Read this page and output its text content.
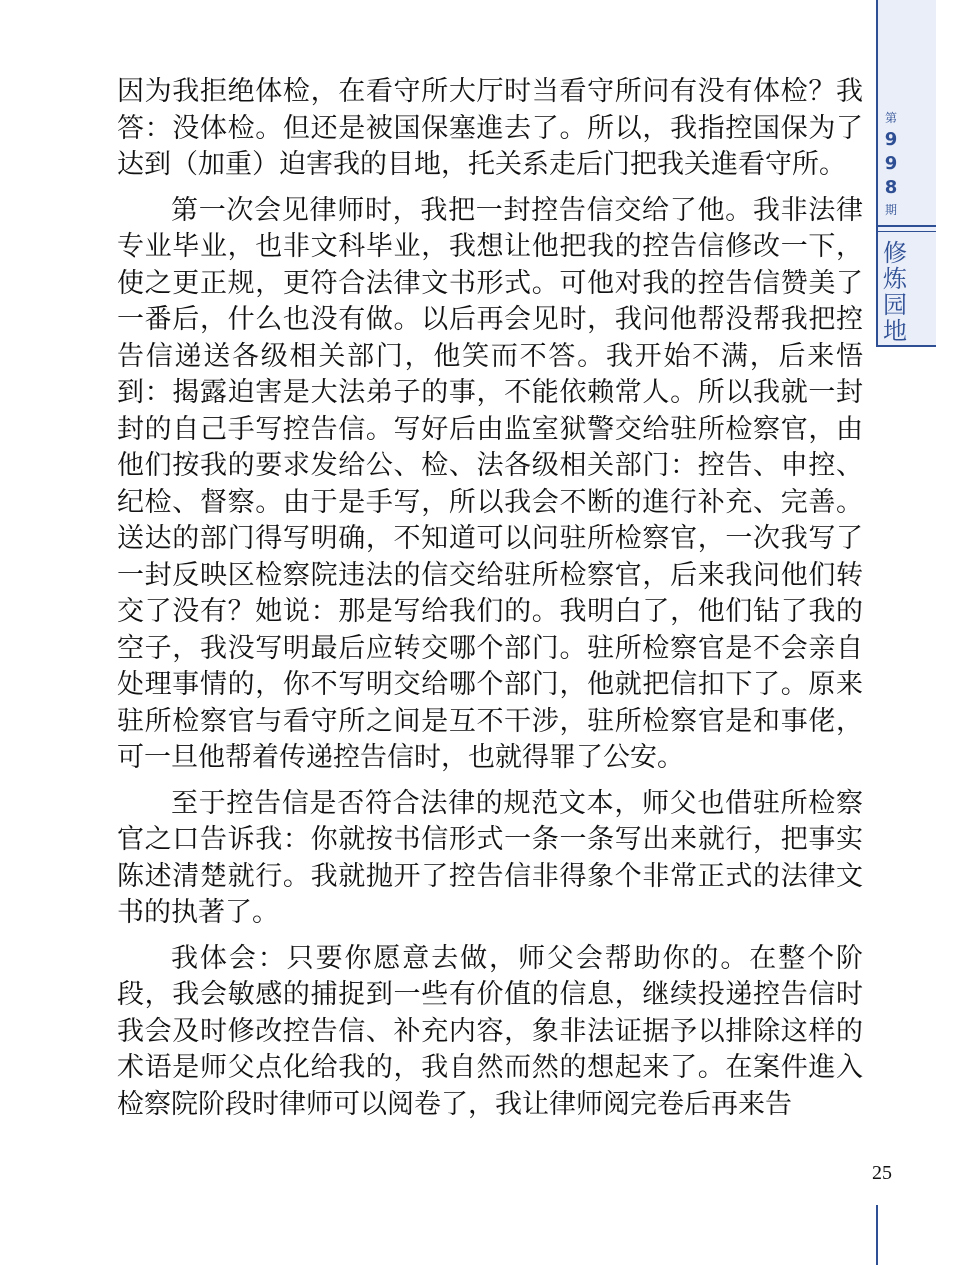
第
9
9
8
期
修
炼
园
地

因为我拒绝体检，在看守所大厅时当看守所问有没有体检？我答：没体检。但还是被国保塞進去了。所以，我指控国保为了达到（加重）迫害我的目地，托关系走后门把我关進看守所。

第一次会见律师时，我把一封控告信交给了他。我非法律专业毕业，也非文科毕业，我想让他把我的控告信修改一下，使之更正规，更符合法律文书形式。可他对我的控告信赞美了一番后，什么也没有做。以后再会见时，我问他帮没帮我把控告信递送各级相关部门，他笑而不答。我开始不满，后来悟到：揭露迫害是大法弟子的事，不能依赖常人。所以我就一封封的自己手写控告信。写好后由监室狱警交给驻所检察官，由他们按我的要求发给公、检、法各级相关部门：控告、申控、纪检、督察。由于是手写，所以我会不断的進行补充、完善。送达的部门得写明确，不知道可以问驻所检察官，一次我写了一封反映区检察院违法的信交给驻所检察官，后来我问他们转交了没有？她说：那是写给我们的。我明白了，他们钻了我的空子，我没写明最后应转交哪个部门。驻所检察官是不会亲自处理事情的，你不写明交给哪个部门，他就把信扣下了。原来驻所检察官与看守所之间是互不干涉，驻所检察官是和事佬，可一旦他帮着传递控告信时，也就得罪了公安。

至于控告信是否符合法律的规范文本，师父也借驻所检察官之口告诉我：你就按书信形式一条一条写出来就行，把事实陈述清楚就行。我就抛开了控告信非得象个非常正式的法律文书的执著了。

我体会：只要你愿意去做，师父会帮助你的。在整个阶段，我会敏感的捕捉到一些有价值的信息，继续投递控告信时我会及时修改控告信、补充内容，象非法证据予以排除这样的术语是师父点化给我的，我自然而然的想起来了。在案件進入检察院阶段时律师可以阅卷了，我让律师阅完卷后再来告

25
